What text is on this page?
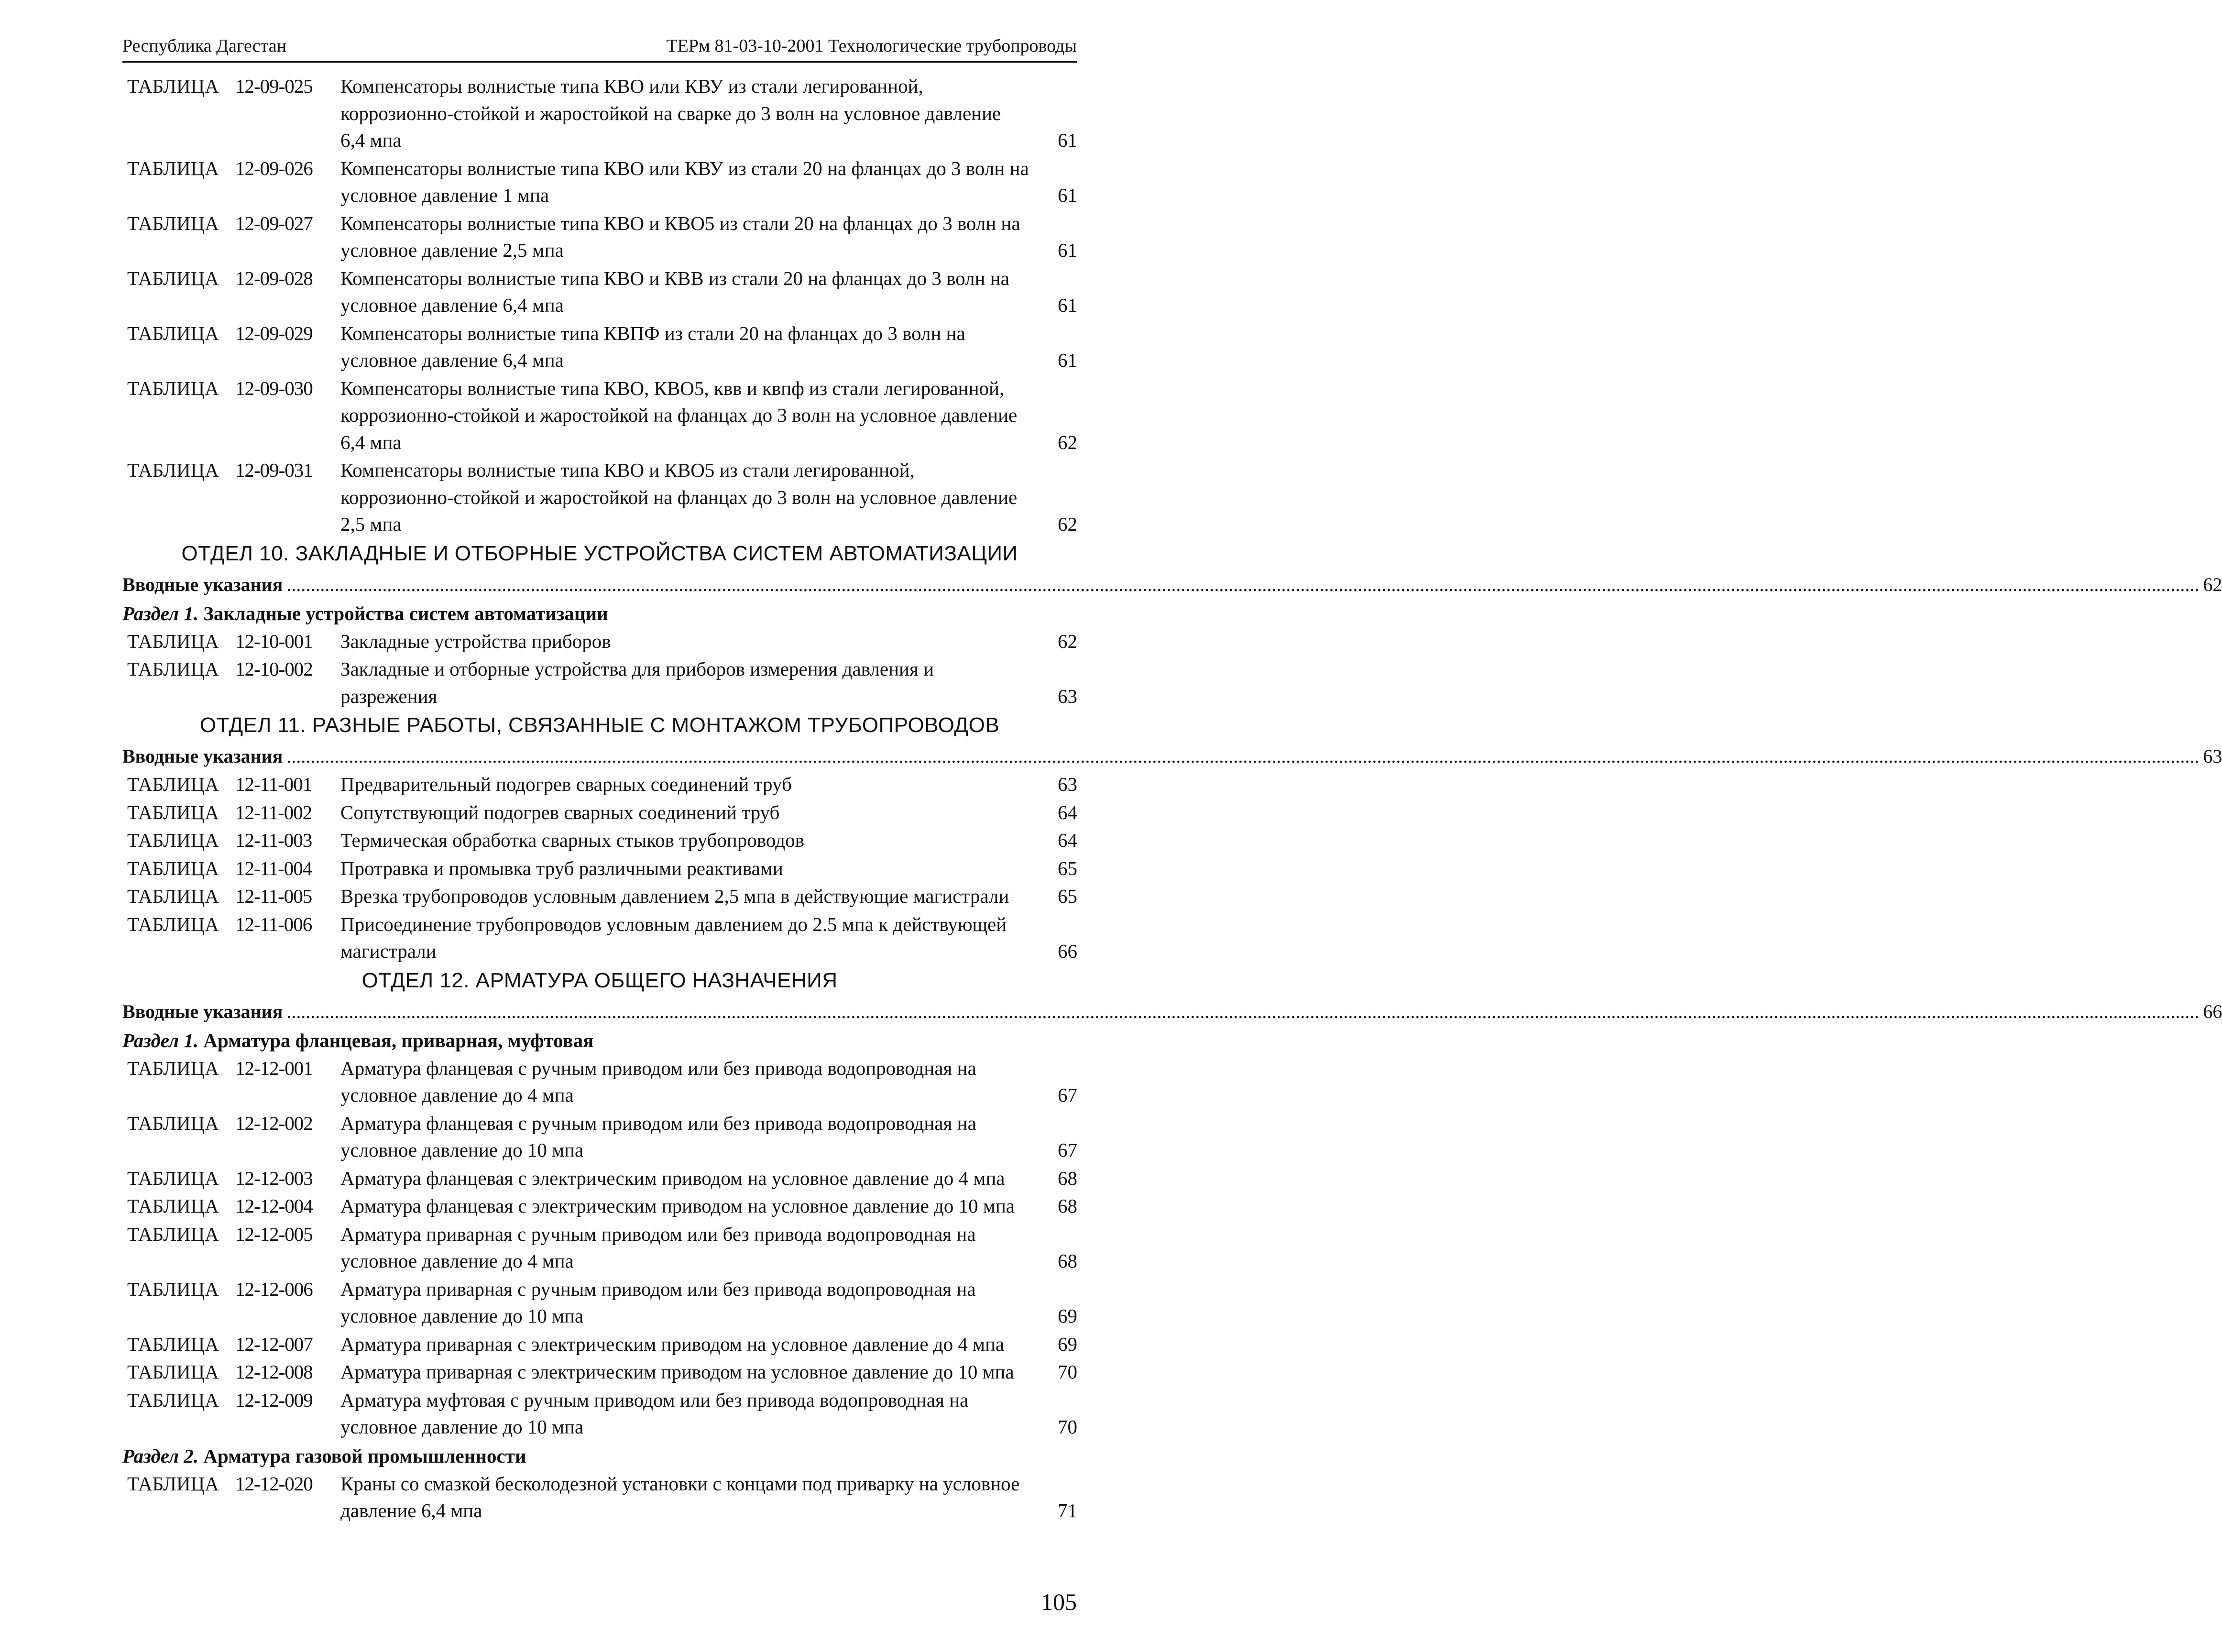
Республика Дагестан	ТЕРм 81-03-10-2001 Технологические трубопроводы
ТАБЛИЦА 12-09-025	Компенсаторы волнистые типа КВО или КВУ из стали легированной, коррозионно-стойкой и жаростойкой на сварке до 3 волн на условное давление 6,4 мпа	61
ТАБЛИЦА 12-09-026	Компенсаторы волнистые типа КВО или КВУ из стали 20 на фланцах до 3 волн на условное давление 1 мпа	61
ТАБЛИЦА 12-09-027	Компенсаторы волнистые типа КВО и КВО5 из стали 20 на фланцах до 3 волн на условное давление 2,5 мпа	61
ТАБЛИЦА 12-09-028	Компенсаторы волнистые типа КВО и КВВ из стали 20 на фланцах до 3 волн на условное давление 6,4 мпа	61
ТАБЛИЦА 12-09-029	Компенсаторы волнистые типа КВПФ из стали 20 на фланцах до 3 волн на условное давление 6,4 мпа	61
ТАБЛИЦА 12-09-030	Компенсаторы волнистые типа КВО, КВО5, квв и квпф из стали легированной, коррозионно-стойкой и жаростойкой на фланцах до 3 волн на условное давление 6,4 мпа	62
ТАБЛИЦА 12-09-031	Компенсаторы волнистые типа КВО и КВО5 из стали легированной, коррозионно-стойкой и жаростойкой на фланцах до 3 волн на условное давление 2,5 мпа	62
ОТДЕЛ 10. ЗАКЛАДНЫЕ И ОТБОРНЫЕ УСТРОЙСТВА СИСТЕМ АВТОМАТИЗАЦИИ
Вводные указания ................................................................................................................................................................................................................................................................................................................................................................................................................ 62
Раздел 1. Закладные устройства систем автоматизации
ТАБЛИЦА 12-10-001	Закладные устройства приборов	62
ТАБЛИЦА 12-10-002	Закладные и отборные устройства для приборов измерения давления и разрежения	63
ОТДЕЛ 11. РАЗНЫЕ РАБОТЫ, СВЯЗАННЫЕ С МОНТАЖОМ ТРУБОПРОВОДОВ
Вводные указания ................................................................................................................................................................................................................................................................................................................................................................................................................ 63
ТАБЛИЦА 12-11-001	Предварительный подогрев сварных соединений труб	63
ТАБЛИЦА 12-11-002	Сопутствующий подогрев сварных соединений труб	64
ТАБЛИЦА 12-11-003	Термическая обработка сварных стыков трубопроводов	64
ТАБЛИЦА 12-11-004	Протравка и промывка труб различными реактивами	65
ТАБЛИЦА 12-11-005	Врезка трубопроводов условным давлением 2,5 мпа в действующие магистрали	65
ТАБЛИЦА 12-11-006	Присоединение трубопроводов условным давлением до 2.5 мпа к действующей магистрали	66
ОТДЕЛ 12. АРМАТУРА ОБЩЕГО НАЗНАЧЕНИЯ
Вводные указания ................................................................................................................................................................................................................................................................................................................................................................................................................ 66
Раздел 1. Арматура фланцевая, приварная, муфтовая
ТАБЛИЦА 12-12-001	Арматура фланцевая с ручным приводом или без привода водопроводная на условное давление до 4 мпа	67
ТАБЛИЦА 12-12-002	Арматура фланцевая с ручным приводом или без привода водопроводная на условное давление до 10 мпа	67
ТАБЛИЦА 12-12-003	Арматура фланцевая с электрическим приводом на условное давление до 4 мпа	68
ТАБЛИЦА 12-12-004	Арматура фланцевая с электрическим приводом на условное давление до 10 мпа	68
ТАБЛИЦА 12-12-005	Арматура приварная с ручным приводом или без привода водопроводная на условное давление до 4 мпа	68
ТАБЛИЦА 12-12-006	Арматура приварная с ручным приводом или без привода водопроводная на условное давление до 10 мпа	69
ТАБЛИЦА 12-12-007	Арматура приварная с электрическим приводом на условное давление до 4 мпа	69
ТАБЛИЦА 12-12-008	Арматура приварная с электрическим приводом на условное давление до 10 мпа	70
ТАБЛИЦА 12-12-009	Арматура муфтовая с ручным приводом или без привода водопроводная на условное давление до 10 мпа	70
Раздел 2. Арматура газовой промышленности
ТАБЛИЦА 12-12-020	Краны со смазкой бесколодезной установки с концами под приварку на условное давление 6,4 мпа	71
105
